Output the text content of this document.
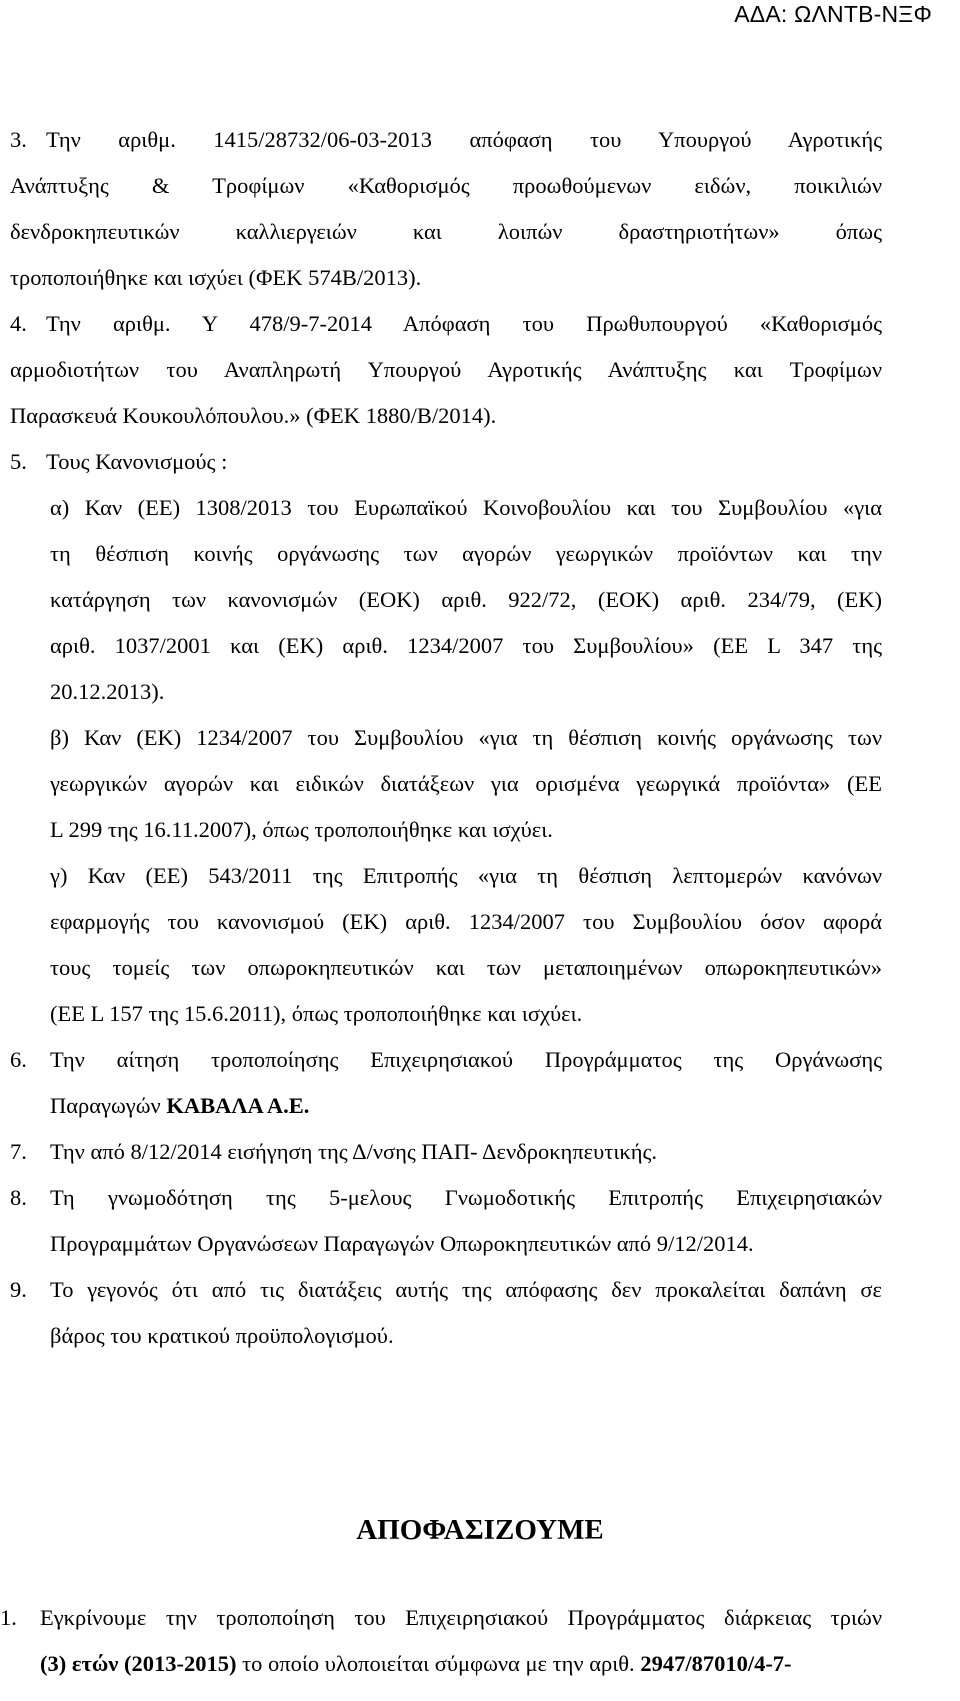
ΑΔΑ: ΩΛΝΤΒ-ΝΞΦ
3. Την αριθμ. 1415/28732/06-03-2013 απόφαση του Υπουργού Αγροτικής
Ανάπτυξης & Τροφίμων «Καθορισμός προωθούμενων ειδών, ποικιλιών
δενδροκηπευτικών καλλιεργειών και λοιπών δραστηριοτήτων» όπως
τροποποιήθηκε και ισχύει (ΦΕΚ 574Β/2013).
4. Την αριθμ. Υ 478/9-7-2014 Απόφαση του Πρωθυπουργού «Καθορισμός
αρμοδιοτήτων του Αναπληρωτή Υπουργού Αγροτικής Ανάπτυξης και Τροφίμων
Παρασκευά Κουκουλόπουλου.» (ΦΕΚ 1880/Β/2014).
5. Τους Κανονισμούς :
α) Καν (ΕΕ) 1308/2013 του Ευρωπαϊκού Κοινοβουλίου και του Συμβουλίου «για
τη θέσπιση κοινής οργάνωσης των αγορών γεωργικών προϊόντων και την
κατάργηση των κανονισμών (ΕΟΚ) αριθ. 922/72, (ΕΟΚ) αριθ. 234/79, (ΕΚ)
αριθ. 1037/2001 και (ΕΚ) αριθ. 1234/2007 του Συμβουλίου» (ΕΕ L 347 της
20.12.2013).
β) Καν (ΕΚ) 1234/2007 του Συμβουλίου «για τη θέσπιση κοινής οργάνωσης των
γεωργικών αγορών και ειδικών διατάξεων για ορισμένα γεωργικά προϊόντα» (ΕΕ
L 299 της 16.11.2007), όπως τροποποιήθηκε και ισχύει.
γ) Καν (ΕΕ) 543/2011 της Επιτροπής «για τη θέσπιση λεπτομερών κανόνων
εφαρμογής του κανονισμού (ΕΚ) αριθ. 1234/2007 του Συμβουλίου όσον αφορά
τους τομείς των οπωροκηπευτικών και των μεταποιημένων οπωροκηπευτικών»
(ΕΕ L 157 της 15.6.2011), όπως τροποποιήθηκε και ισχύει.
6. Την αίτηση τροποποίησης Επιχειρησιακού Προγράμματος της Οργάνωσης
Παραγωγών ΚΑΒΑΛΑ Α.Ε.
7. Την από 8/12/2014 εισήγηση της Δ/νσης ΠΑΠ- Δενδροκηπευτικής.
8. Τη γνωμοδότηση της 5-μελους Γνωμοδοτικής Επιτροπής Επιχειρησιακών
Προγραμμάτων Οργανώσεων Παραγωγών Οπωροκηπευτικών από 9/12/2014.
9. Το γεγονός ότι από τις διατάξεις αυτής της απόφασης δεν προκαλείται δαπάνη σε
βάρος του κρατικού προϋπολογισμού.
ΑΠΟΦΑΣΙΖΟΥΜΕ
1. Εγκρίνουμε την τροποποίηση του Επιχειρησιακού Προγράμματος διάρκειας τριών
(3) ετών (2013-2015) το οποίο υλοποιείται σύμφωνα με την αριθ. 2947/87010/4-7-
